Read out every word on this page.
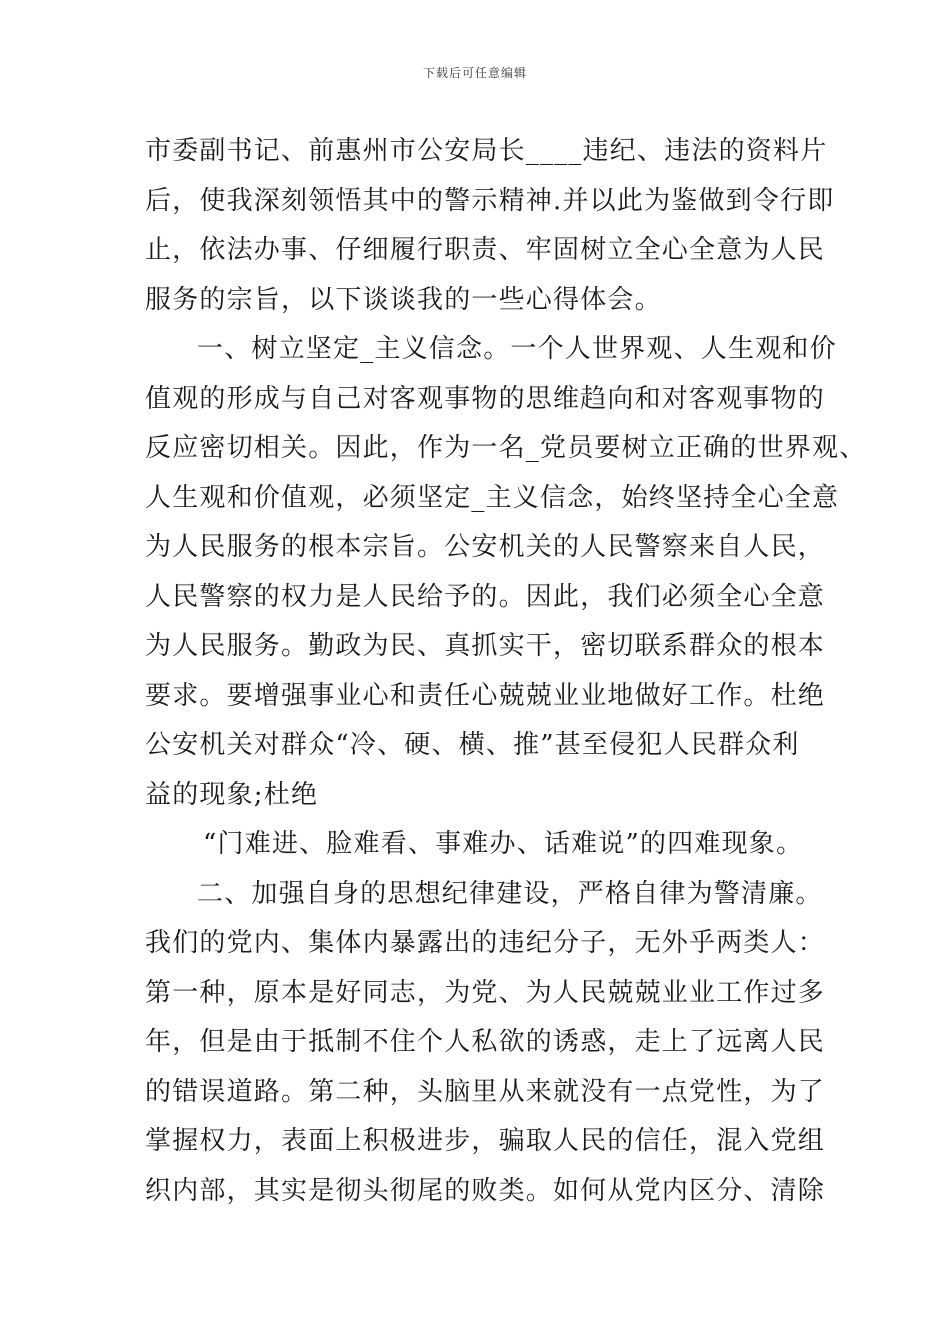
下载后可任意编辑
市委副书记、前惠州市公安局长____违纪、违法的资料片
后，使我深刻领悟其中的警示精神.并以此为鉴做到令行即
止，依法办事、仔细履行职责、牢固树立全心全意为人民
服务的宗旨，以下谈谈我的一些心得体会。
一、树立坚定_主义信念。一个人世界观、人生观和价
值观的形成与自己对客观事物的思维趋向和对客观事物的
反应密切相关。因此，作为一名_党员要树立正确的世界观、
人生观和价值观，必须坚定_主义信念，始终坚持全心全意
为人民服务的根本宗旨。公安机关的人民警察来自人民，
人民警察的权力是人民给予的。因此，我们必须全心全意
为人民服务。勤政为民、真抓实干，密切联系群众的根本
要求。要增强事业心和责任心兢兢业业地做好工作。杜绝
公安机关对群众“冷、硬、横、推”甚至侵犯人民群众利
益的现象;杜绝
“门难进、脸难看、事难办、话难说”的四难现象。
二、加强自身的思想纪律建设，严格自律为警清廉。
我们的党内、集体内暴露出的违纪分子，无外乎两类人：
第一种，原本是好同志，为党、为人民兢兢业业工作过多
年，但是由于抵制不住个人私欲的诱惑，走上了远离人民
的错误道路。第二种，头脑里从来就没有一点党性，为了
掌握权力，表面上积极进步，骗取人民的信任，混入党组
织内部，其实是彻头彻尾的败类。如何从党内区分、清除
